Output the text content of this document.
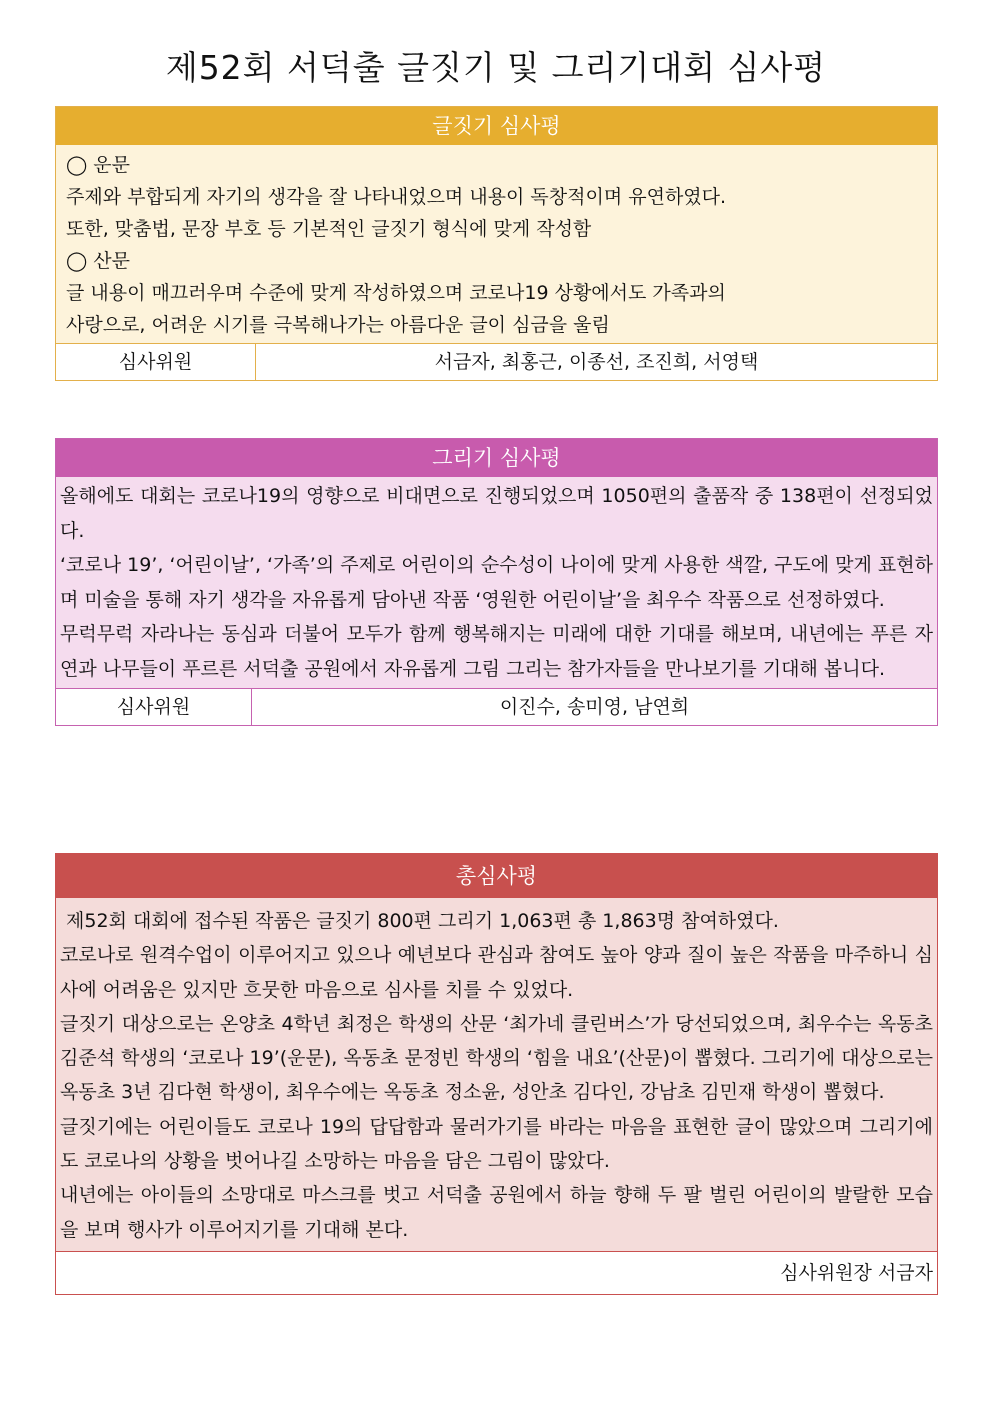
제52회 서덕출 글짓기 및 그리기대회 심사평
글짓기 심사평

◯ 운문

주제와 부합되게 자기의 생각을 잘 나타내었으며 내용이 독창적이며 유연하였다.

또한, 맞춤법, 문장 부호 등 기본적인 글짓기 형식에 맞게 작성함

◯ 산문

글 내용이 매끄러우며 수준에 맞게 작성하였으며 코로나19 상황에서도 가족과의

사랑으로, 어려운 시기를 극복해나가는 아름다운 글이 심금을 울림

심사위원	서금자, 최홍근, 이종선, 조진희, 서영택
그리기 심사평

올해에도 대회는 코로나19의 영향으로 비대면으로 진행되었으며 1050편의 출품작 중 138편이 선정되었다.

‘코로나 19’, ‘어린이날’, ‘가족’의 주제로 어린이의 순수성이 나이에 맞게 사용한 색깔, 구도에 맞게 표현하며 미술을 통해 자기 생각을 자유롭게 담아낸 작품 ‘영원한 어린이날’을 최우수 작품으로 선정하였다.

무럭무럭 자라나는 동심과 더불어 모두가 함께 행복해지는 미래에 대한 기대를 해보며, 내년에는 푸른 자연과 나무들이 푸르른 서덕출 공원에서 자유롭게 그림 그리는 참가자들을 만나보기를 기대해 봅니다.

심사위원	이진수, 송미영, 남연희
총심사평

제52회 대회에 접수된 작품은 글짓기 800편 그리기 1,063편 총 1,863명 참여하였다.

코로나로 원격수업이 이루어지고 있으나 예년보다 관심과 참여도 높아 양과 질이 높은 작품을 마주하니 심사에 어려움은 있지만 흐뭇한 마음으로 심사를 치를 수 있었다.

글짓기 대상으로는 온양초 4학년 최정은 학생의 산문 ‘최가네 클린버스’가 당선되었으며, 최우수는 옥동초 김준석 학생의 ‘코로나 19’(운문), 옥동초 문정빈 학생의 ‘힘을 내요’(산문)이 뽑혔다. 그리기에 대상으로는 옥동초 3년 김다현 학생이, 최우수에는 옥동초 정소윤, 성안초 김다인, 강남초 김민재 학생이 뽑혔다.

글짓기에는 어린이들도 코로나 19의 답답함과 물러가기를 바라는 마음을 표현한 글이 많았으며 그리기에도 코로나의 상황을 벗어나길 소망하는 마음을 담은 그림이 많았다.

내년에는 아이들의 소망대로 마스크를 벗고 서덕출 공원에서 하늘 향해 두 팔 벌린 어린이의 발랄한 모습을 보며 행사가 이루어지기를 기대해 본다.

심사위원장 서금자
